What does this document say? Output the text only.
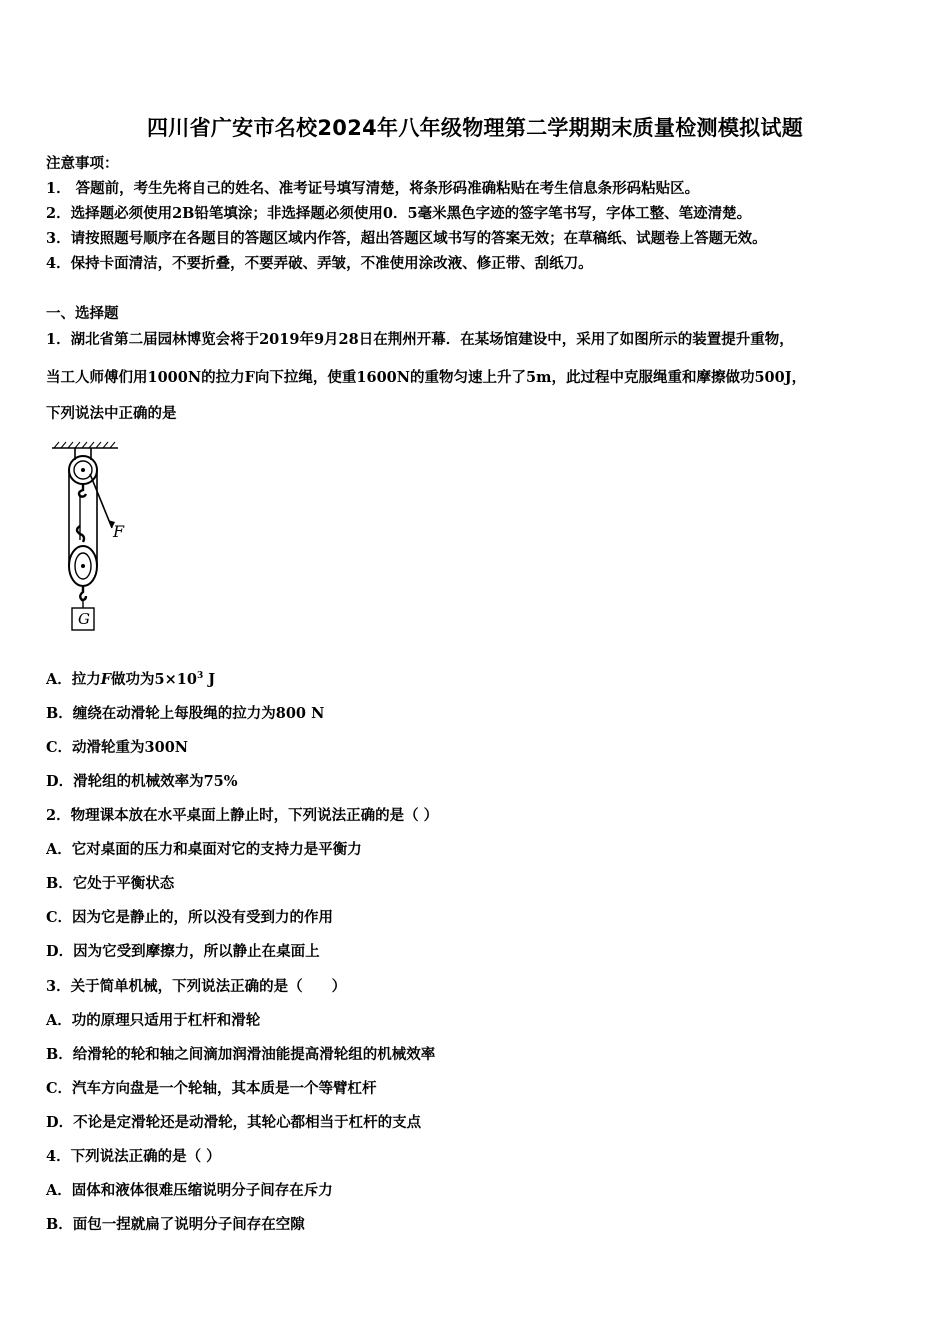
四川省广安市名校2024年八年级物理第二学期期末质量检测模拟试题
注意事项：
1． 答题前，考生先将自己的姓名、准考证号填写清楚，将条形码准确粘贴在考生信息条形码粘贴区。
2．选择题必须使用2B铅笔填涂；非选择题必须使用0．5毫米黑色字迹的签字笔书写，字体工整、笔迹清楚。
3．请按照题号顺序在各题目的答题区域内作答，超出答题区域书写的答案无效；在草稿纸、试题卷上答题无效。
4．保持卡面清洁，不要折叠，不要弄破、弄皱，不准使用涂改液、修正带、刮纸刀。
一、选择题
1．湖北省第二届园林博览会将于2019年9月28日在荆州开幕．在某场馆建设中，采用了如图所示的装置提升重物，
当工人师傅们用1000N的拉力F向下拉绳，使重1600N的重物匀速上升了5m，此过程中克服绳重和摩擦做功500J，
下列说法中正确的是
F
G
A．拉力F做功为$5\times 10^3$ J
B．缠绕在动滑轮上每股绳的拉力为800 N
C．动滑轮重为300N
D．滑轮组的机械效率为75%
2．物理课本放在水平桌面上静止时，下列说法正确的是（ ）
A．它对桌面的压力和桌面对它的支持力是平衡力
B．它处于平衡状态
C．因为它是静止的，所以没有受到力的作用
D．因为它受到摩擦力，所以静止在桌面上
3．关于简单机械，下列说法正确的是（　　）
A．功的原理只适用于杠杆和滑轮
B．给滑轮的轮和轴之间滴加润滑油能提高滑轮组的机械效率
C．汽车方向盘是一个轮轴，其本质是一个等臂杠杆
D．不论是定滑轮还是动滑轮，其轮心都相当于杠杆的支点
4．下列说法正确的是（ ）
A．固体和液体很难压缩说明分子间存在斥力
B．面包一捏就扁了说明分子间存在空隙
